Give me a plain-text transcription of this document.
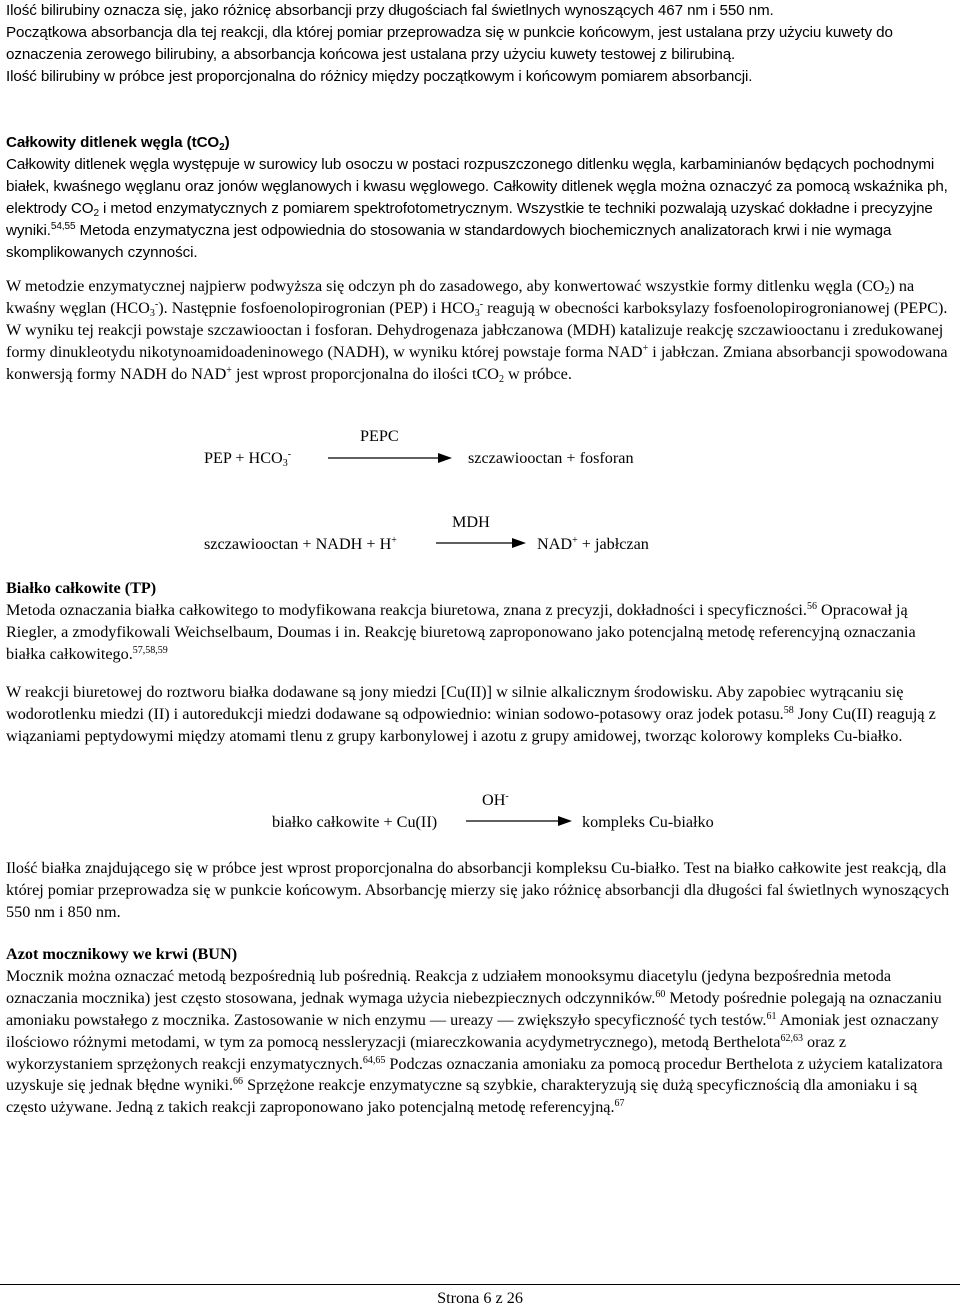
Ilość bilirubiny oznacza się, jako różnicę absorbancji przy długościach fal świetlnych wynoszących 467 nm i 550 nm.

Początkowa absorbancja dla tej reakcji, dla której pomiar przeprowadza się w punkcie końcowym, jest ustalana przy użyciu kuwety do oznaczenia zerowego bilirubiny, a absorbancja końcowa jest ustalana przy użyciu kuwety testowej z bilirubiną.

Ilość bilirubiny w próbce jest proporcjonalna do różnicy między początkowym i końcowym pomiarem absorbancji.

Całkowity ditlenek węgla (tCO$_2$)

Całkowity ditlenek węgla występuje w surowicy lub osoczu w postaci rozpuszczonego ditlenku węgla, karbaminianów będących pochodnymi białek, kwaśnego węglanu oraz jonów węglanowych i kwasu węglowego. Całkowity ditlenek węgla można oznaczyć za pomocą wskaźnika ph, elektrody $CO_2$ i metod enzymatycznych z pomiarem spektrofotometrycznym. Wszystkie te techniki pozwalają uzyskać dokładne i precyzyjne wyniki.$^{54,55}$ Metoda enzymatyczna jest odpowiednia do stosowania w standardowych biochemicznych analizatorach krwi i nie wymaga skomplikowanych czynności.

W metodzie enzymatycznej najpierw podwyższa się odczyn ph do zasadowego, aby konwertować wszystkie formy ditlenku węgla $(CO_2)$ na kwaśny węglan $(HCO_3^-)$. Następnie fosfoenolopirogronian (PEP) i $HCO_3^-$ reagują w obecności karboksylazy fosfoenolopirogronianowej (PEPC). W wyniku tej reakcji powstaje szczawiooctan i fosforan. Dehydrogenaza jabłczanowa (MDH) katalizuje reakcję szczawiooctanu i zredukowanej formy dinukleotydu nikotynoamidoadeninowego (NADH), w wyniku której powstaje forma NAD+ i jabłczan. Zmiana absorbancji spowodowana konwersją formy NADH do NAD+ jest wprost proporcjonalna do ilości tCO$_2$ w próbce.

PEPC
PEP + $HCO_3^-$	szczawiooctan + fosforan
MDH
szczawiooctan + NADH + H+	NAD+ + jabłczan

Białko całkowite (TP)

Metoda oznaczania białka całkowitego to modyfikowana reakcja biuretowa, znana z precyzji, dokładności i specyficzności.$^{56}$ Opracował ją Riegler, a zmodyfikowali Weichselbaum, Doumas i in. Reakcję biuretową zaproponowano jako potencjalną metodę referencyjną oznaczania białka całkowitego.$^{57,58,59}$

W reakcji biuretowej do roztworu białka dodawane są jony miedzi [Cu(II)] w silnie alkalicznym środowisku. Aby zapobiec wytrącaniu się wodorotlenku miedzi (II) i autoredukcji miedzi dodawane są odpowiednio: winian sodowo-potasowy oraz jodek potasu.$^{58}$ Jony Cu(II) reagują z wiązaniami peptydowymi między atomami tlenu z grupy karbonylowej i azotu z grupy amidowej, tworząc kolorowy kompleks Cu-białko.

OH-
białko całkowite + Cu(II)	kompleks Cu-białko

Ilość białka znajdującego się w próbce jest wprost proporcjonalna do absorbancji kompleksu Cu-białko. Test na białko całkowite jest reakcją, dla której pomiar przeprowadza się w punkcie końcowym. Absorbancję mierzy się jako różnicę absorbancji dla długości fal świetlnych wynoszących 550 nm i 850 nm.

Azot mocznikowy we krwi (BUN)

Mocznik można oznaczać metodą bezpośrednią lub pośrednią. Reakcja z udziałem monooksymu diacetylu (jedyna bezpośrednia metoda oznaczania mocznika) jest często stosowana, jednak wymaga użycia niebezpiecznych odczynników.$^{60}$ Metody pośrednie polegają na oznaczaniu amoniaku powstałego z mocznika. Zastosowanie w nich enzymu — ureazy — zwiększyło specyficzność tych testów.$^{61}$ Amoniak jest oznaczany ilościowo różnymi metodami, w tym za pomocą nessleryzacji (miareczkowania acydymetrycznego), metodą Berthelota$^{62,63}$ oraz z wykorzystaniem sprzężonych reakcji enzymatycznych.$^{64,65}$ Podczas oznaczania amoniaku za pomocą procedur Berthelota z użyciem katalizatora uzyskuje się jednak błędne wyniki.$^{66}$ Sprzężone reakcje enzymatyczne są szybkie, charakteryzują się dużą specyficznością dla amoniaku i są często używane. Jedną z takich reakcji zaproponowano jako potencjalną metodę referencyjną.$^{67}$

Strona 6 z 26
